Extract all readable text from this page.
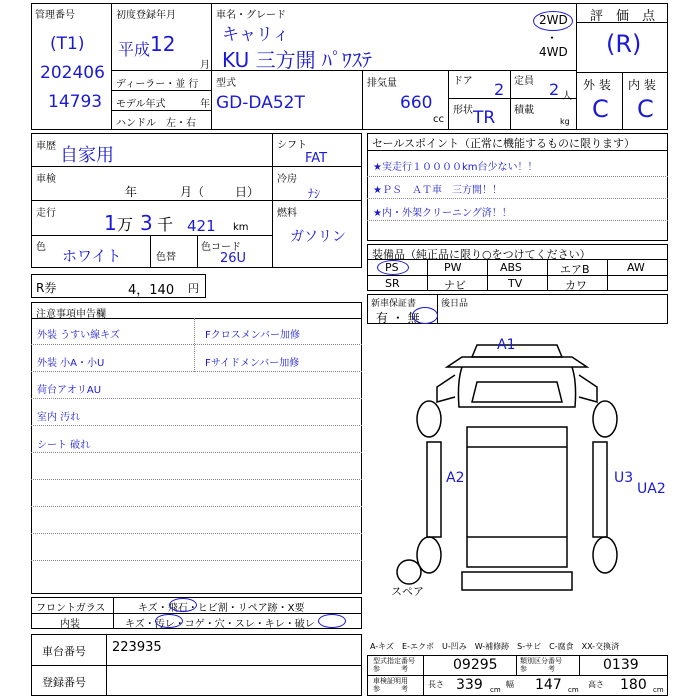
管理番号
(T1)
202406
14793
初度登録年月
平成 12
月
ディーラー・並 行
モデル年式	年
ハンドル　左・右
車名・グレード
キャリィ
KU 三方開 ﾊﾟﾜｽﾃ
2WD
・
4WD
型式
GD-DA52T
排気量
660
cc
ドア 2 定員 2 人
形状 TR 積載
kg
評　価　点
(R)
外 装 内 装
C C
車歴 自家用
車検
年	月（	日）
走行 1 万 3 千 421 km
色 ホワイト	色替
色コード
26U
シフト
FAT
冷房
ﾅｼ
燃料
ガソリン
R券	4，140 円
注意事項申告欄
外装 うすい線キズ
外装 小A・小U
荷台アオリAU
室内 汚れ
シート 破れ
Fクロスメンバー加修
Fサイドメンバー加修
セールスポイント（正常に機能するものに限ります）
★実走行１００００km台少ない！！
★ＰＳ　ＡＴ車　三方開！！
★内・外架クリーニング済！！
装備品（純正品に限り○をつけてください）
PS	PW	ABS	エアB	AW
SR	ナビ	TV	カワ
新車保証書
有 ・ 無
後日品
A1
A2	U3
UA2
スペア
フロントガラス	キズ・飛石・ヒビ割・リペア跡・X要
内装	キズ・汚レ・コゲ・穴・スレ・キレ・破レ
車台番号 223935
登録番号
A-キズ　E-エクボ　U-凹み　W-補修跡　S-サビ　C-腐食　XX-交換済
型式指定番号
参　　　考	09295	類別区分番号
参　　　考	0139
車検証明用
参　　　考	長さ 339 cm
幅 147 cm
高さ 180 cm
